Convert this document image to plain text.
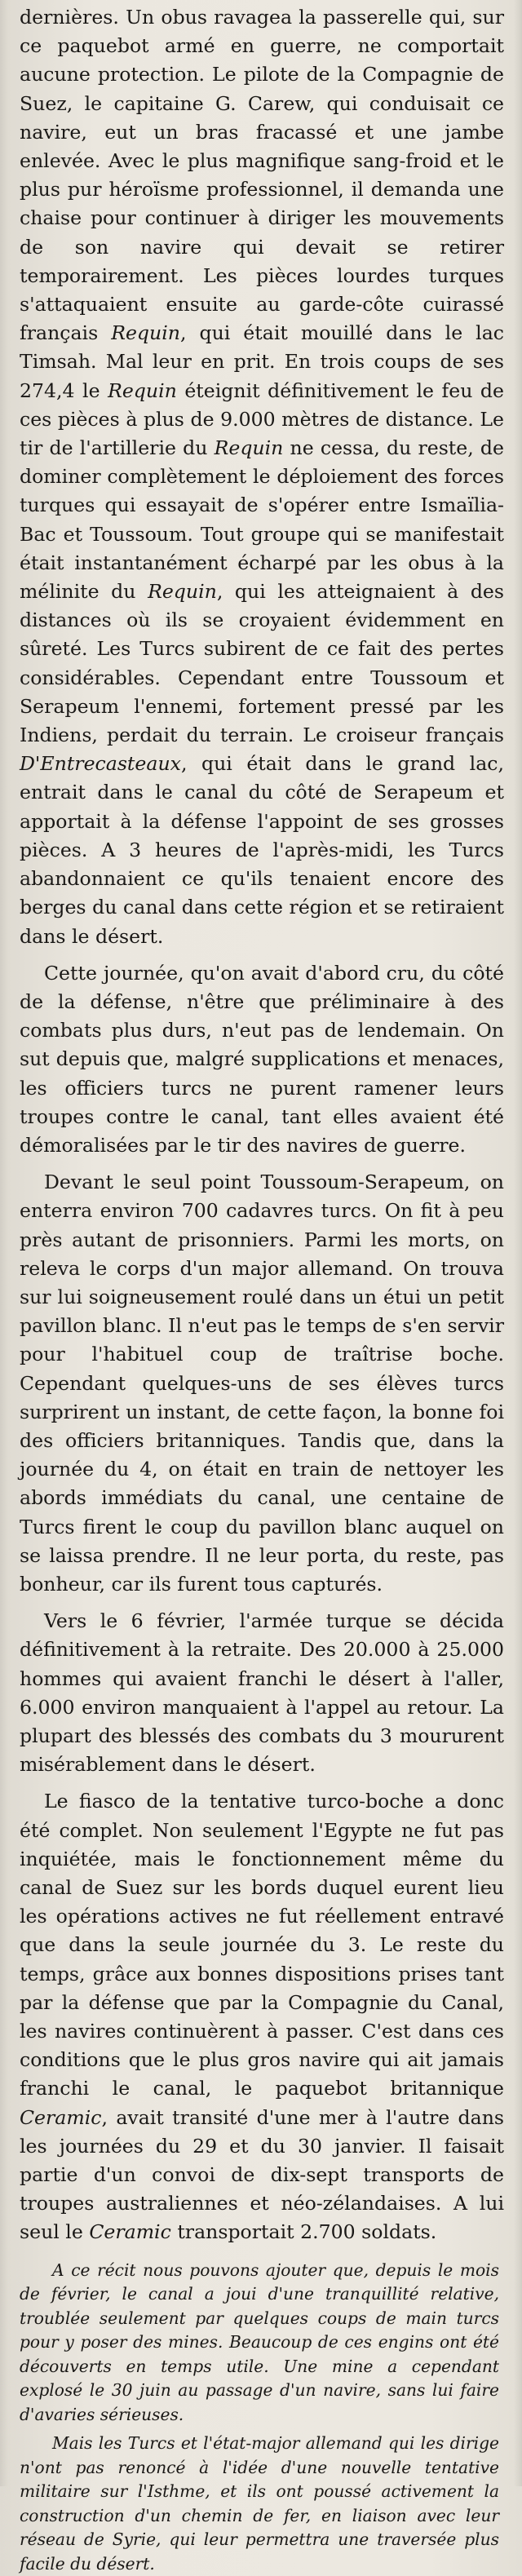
dernières. Un obus ravagea la passerelle qui, sur ce paquebot armé en guerre, ne comportait aucune protection. Le pilote de la Compagnie de Suez, le capitaine G. Carew, qui conduisait ce navire, eut un bras fracassé et une jambe enlevée. Avec le plus magnifique sang-froid et le plus pur héroïsme professionnel, il demanda une chaise pour continuer à diriger les mouvements de son navire qui devait se retirer temporairement. Les pièces lourdes turques s'attaquaient ensuite au garde-côte cuirassé français Requin, qui était mouillé dans le lac Timsah. Mal leur en prit. En trois coups de ses 274,4 le Requin éteignit définitivement le feu de ces pièces à plus de 9.000 mètres de distance. Le tir de l'artillerie du Requin ne cessa, du reste, de dominer complètement le déploiement des forces turques qui essayait de s'opérer entre Ismaïlia-Bac et Toussoum. Tout groupe qui se manifestait était instantanément écharpé par les obus à la mélinite du Requin, qui les atteignaient à des distances où ils se croyaient évidemment en sûreté. Les Turcs subirent de ce fait des pertes considérables. Cependant entre Toussoum et Serapeum l'ennemi, fortement pressé par les Indiens, perdait du terrain. Le croiseur français D'Entrecasteaux, qui était dans le grand lac, entrait dans le canal du côté de Serapeum et apportait à la défense l'appoint de ses grosses pièces. A 3 heures de l'après-midi, les Turcs abandonnaient ce qu'ils tenaient encore des berges du canal dans cette région et se retiraient dans le désert.

Cette journée, qu'on avait d'abord cru, du côté de la défense, n'être que préliminaire à des combats plus durs, n'eut pas de lendemain. On sut depuis que, malgré supplications et menaces, les officiers turcs ne purent ramener leurs troupes contre le canal, tant elles avaient été démoralisées par le tir des navires de guerre.

Devant le seul point Toussoum-Serapeum, on enterra environ 700 cadavres turcs. On fit à peu près autant de prisonniers. Parmi les morts, on releva le corps d'un major allemand. On trouva sur lui soigneusement roulé dans un étui un petit pavillon blanc. Il n'eut pas le temps de s'en servir pour l'habituel coup de traîtrise boche. Cependant quelques-uns de ses élèves turcs surprirent un instant, de cette façon, la bonne foi des officiers britanniques. Tandis que, dans la journée du 4, on était en train de nettoyer les abords immédiats du canal, une centaine de Turcs firent le coup du pavillon blanc auquel on se laissa prendre. Il ne leur porta, du reste, pas bonheur, car ils furent tous capturés.

Vers le 6 février, l'armée turque se décida définitivement à la retraite. Des 20.000 à 25.000 hommes qui avaient franchi le désert à l'aller, 6.000 environ manquaient à l'appel au retour. La plupart des blessés des combats du 3 moururent misérablement dans le désert.

Le fiasco de la tentative turco-boche a donc été complet. Non seulement l'Egypte ne fut pas inquiétée, mais le fonctionnement même du canal de Suez sur les bords duquel eurent lieu les opérations actives ne fut réellement entravé que dans la seule journée du 3. Le reste du temps, grâce aux bonnes dispositions prises tant par la défense que par la Compagnie du Canal, les navires continuèrent à passer. C'est dans ces conditions que le plus gros navire qui ait jamais franchi le canal, le paquebot britannique Ceramic, avait transité d'une mer à l'autre dans les journées du 29 et du 30 janvier. Il faisait partie d'un convoi de dix-sept transports de troupes australiennes et néo-zélandaises. A lui seul le Ceramic transportait 2.700 soldats.

A ce récit nous pouvons ajouter que, depuis le mois de février, le canal a joui d'une tranquillité relative, troublée seulement par quelques coups de main turcs pour y poser des mines. Beaucoup de ces engins ont été découverts en temps utile. Une mine a cependant explosé le 30 juin au passage d'un navire, sans lui faire d'avaries sérieuses.

Mais les Turcs et l'état-major allemand qui les dirige n'ont pas renoncé à l'idée d'une nouvelle tentative militaire sur l'Isthme, et ils ont poussé activement la construction d'un chemin de fer, en liaison avec leur réseau de Syrie, qui leur permettra une traversée plus facile du désert.
